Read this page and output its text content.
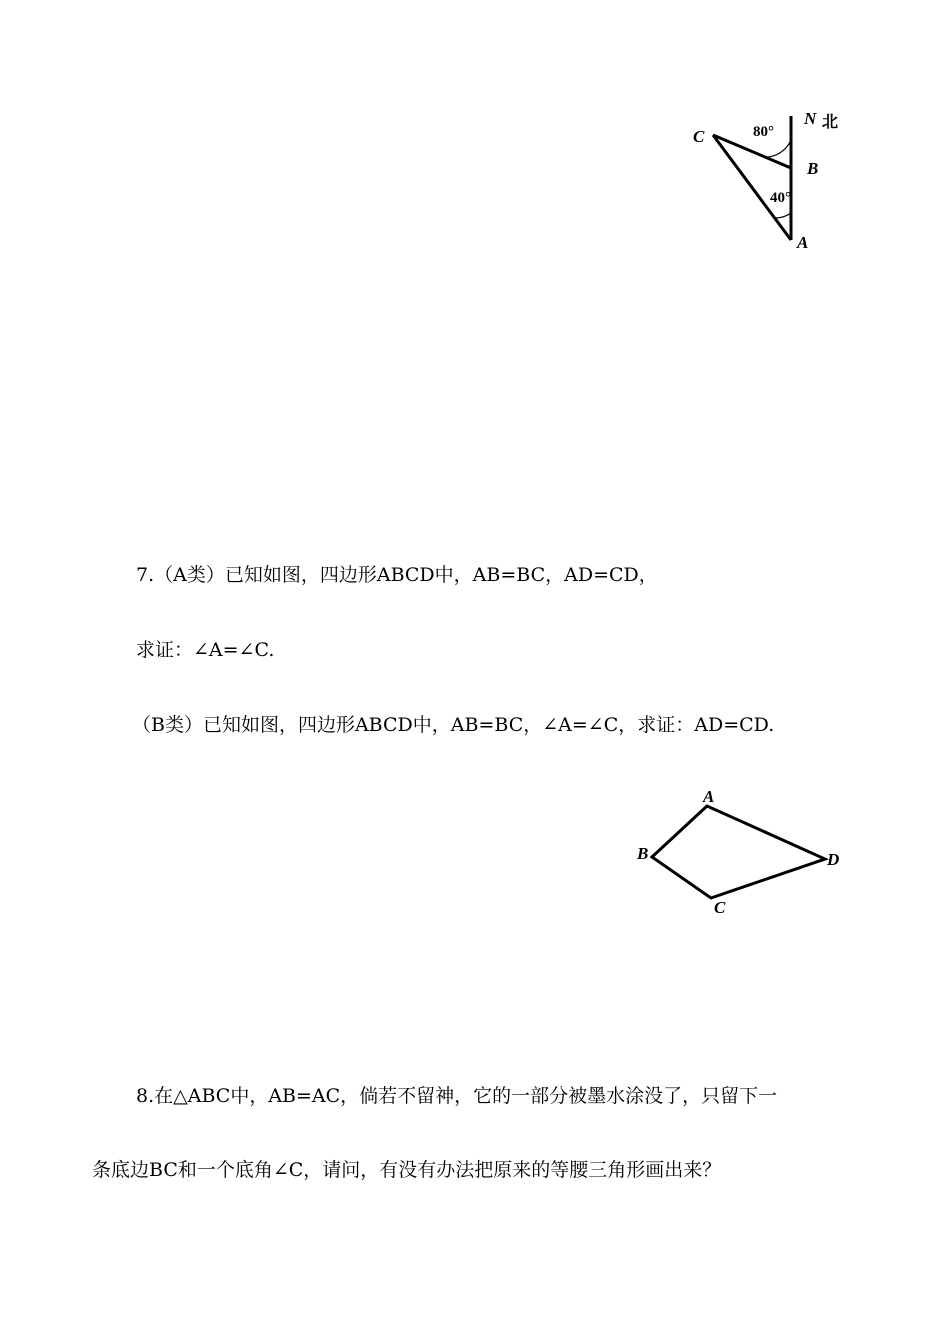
C
B
A
N 北
80°
40°
7.（A类）已知如图，四边形ABCD中，AB=BC，AD=CD，
求证：∠A=∠C.
（B类）已知如图，四边形ABCD中，AB=BC，∠A=∠C，求证：AD=CD.
A
B
C
D
8.在△ABC中，AB=AC，倘若不留神，它的一部分被墨水涂没了，只留下一
条底边BC和一个底角∠C，请问，有没有办法把原来的等腰三角形画出来？
